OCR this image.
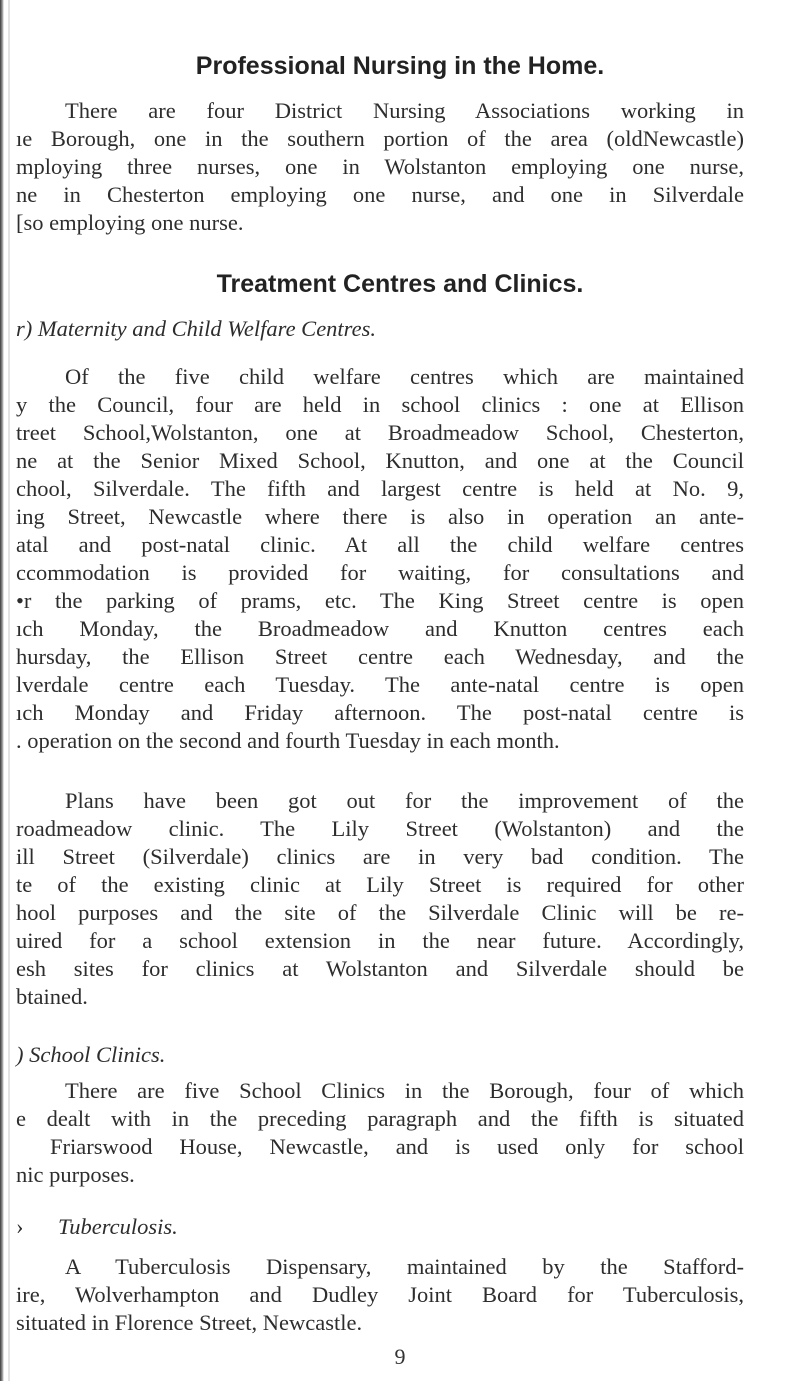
Professional Nursing in the Home.

There are four District Nursing Associations working in

ıe Borough, one in the southern portion of the area (oldNewcastle)

mploying three nurses, one in Wolstanton employing one nurse,

ne in Chesterton employing one nurse, and one in Silverdale

[so employing one nurse.

Treatment Centres and Clinics.

r) Maternity and Child Welfare Centres.

Of the five child welfare centres which are maintained

y the Council, four are held in school clinics : one at Ellison

treet School,Wolstanton, one at Broadmeadow School, Chesterton,

ne at the Senior Mixed School, Knutton, and one at the Council

chool, Silverdale. The fifth and largest centre is held at No. 9,

ing Street, Newcastle where there is also in operation an ante-

atal and post-natal clinic. At all the child welfare centres

ccommodation is provided for waiting, for consultations and

•r the parking of prams, etc. The King Street centre is open

ıch Monday, the Broadmeadow and Knutton centres each

hursday, the Ellison Street centre each Wednesday, and the

lverdale centre each Tuesday. The ante-natal centre is open

ıch Monday and Friday afternoon. The post-natal centre is

. operation on the second and fourth Tuesday in each month.

Plans have been got out for the improvement of the

roadmeadow clinic. The Lily Street (Wolstanton) and the

ill Street (Silverdale) clinics are in very bad condition. The

te of the existing clinic at Lily Street is required for other

hool purposes and the site of the Silverdale Clinic will be re-

uired for a school extension in the near future. Accordingly,

esh sites for clinics at Wolstanton and Silverdale should be

btained.

) School Clinics.

There are five School Clinics in the Borough, four of which

e dealt with in the preceding paragraph and the fifth is situated

Friarswood House, Newcastle, and is used only for school

nic purposes.

› Tuberculosis.

A Tuberculosis Dispensary, maintained by the Stafford-

ire, Wolverhampton and Dudley Joint Board for Tuberculosis,

situated in Florence Street, Newcastle.

9
